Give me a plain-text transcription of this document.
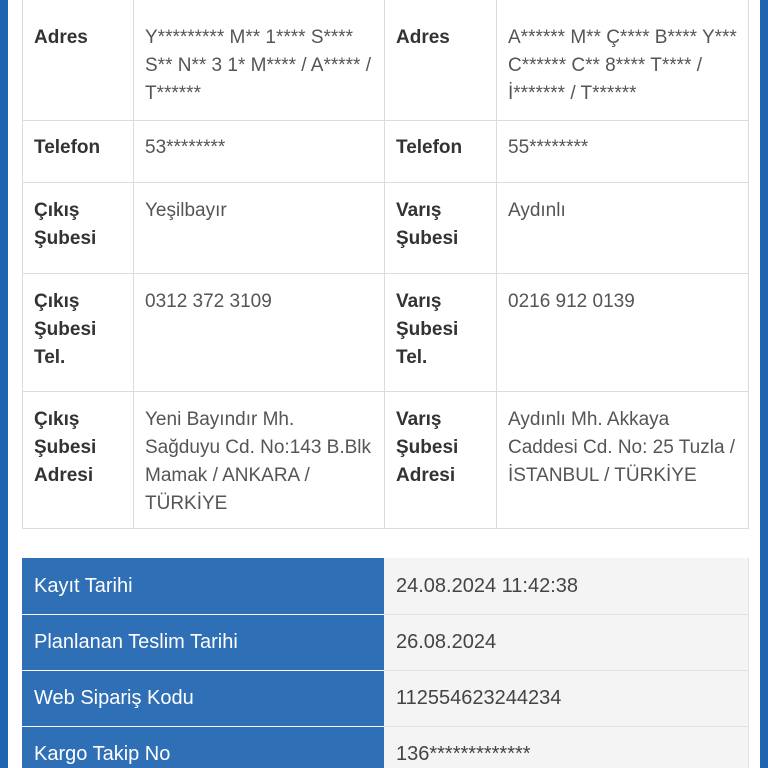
Adres	Y********* M** 1**** S**** S** N** 3 1* M**** / A***** / T******	Adres	A****** M** Ç**** B**** Y*** C****** C** 8**** T**** / İ******* / T******
Telefon	53********	Telefon	55********
Çıkış Şubesi	Yeşilbayır	Varış Şubesi	Aydınlı
Çıkış Şubesi Tel.	0312 372 3109	Varış Şubesi Tel.	0216 912 0139
Çıkış Şubesi Adresi	Yeni Bayındır Mh. Sağduyu Cd. No:143 B.Blk Mamak / ANKARA / TÜRKİYE	Varış Şubesi Adresi	Aydınlı Mh. Akkaya Caddesi Cd. No: 25 Tuzla / İSTANBUL / TÜRKİYE
Kayıt Tarihi	24.08.2024 11:42:38
Planlanan Teslim Tarihi	26.08.2024
Web Sipariş Kodu	112554623244234
Kargo Takip No	136*************
